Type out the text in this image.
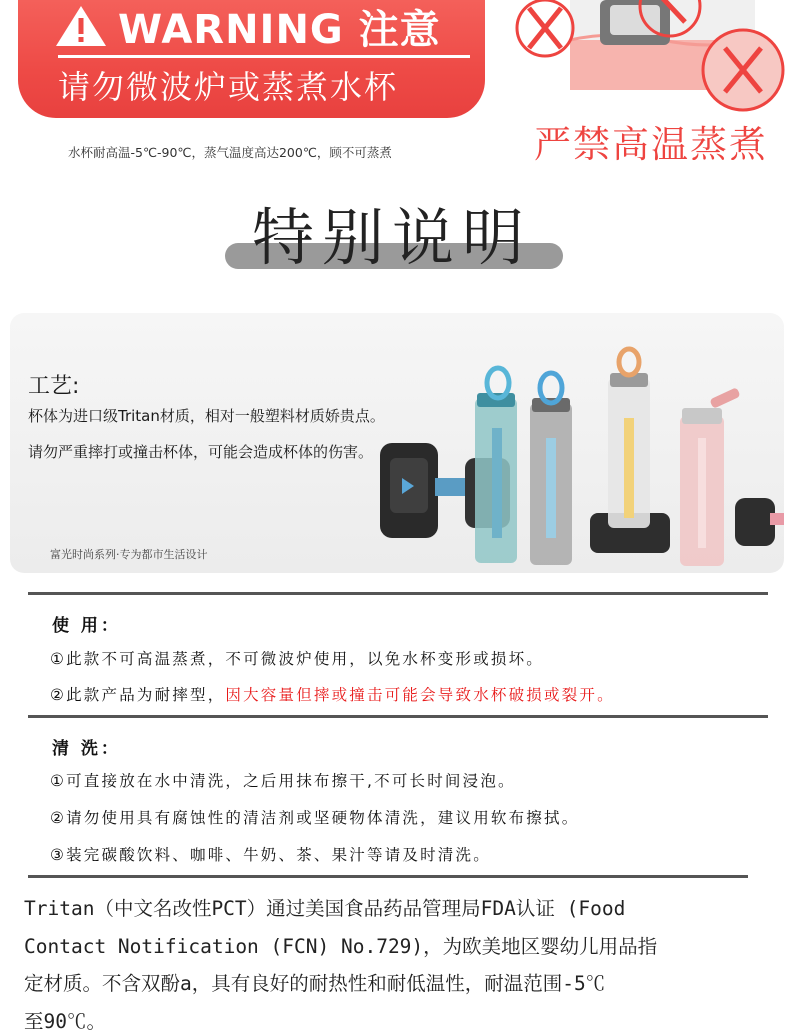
WARNING 注意
请勿微波炉或蒸煮水杯
水杯耐高温-5℃-90℃，蒸气温度高达200℃，顾不可蒸煮	严禁高温蒸煮
特别说明
工艺:
杯体为进口级Tritan材质，相对一般塑料材质娇贵点。
请勿严重摔打或撞击杯体，可能会造成杯体的伤害。
富光时尚系列·专为都市生活设计
使 用：
①此款不可高温蒸煮，不可微波炉使用，以免水杯变形或损坏。
②此款产品为耐摔型，因大容量但摔或撞击可能会导致水杯破损或裂开。
清 洗：
①可直接放在水中清洗，之后用抹布擦干,不可长时间浸泡。
②请勿使用具有腐蚀性的清洁剂或坚硬物体清洗，建议用软布擦拭。
③装完碳酸饮料、咖啡、牛奶、茶、果汁等请及时清洗。
Tritan（中文名改性PCT）通过美国食品药品管理局FDA认证 (Food
Contact Notification (FCN) No.729)，为欧美地区婴幼儿用品指
定材质。不含双酚a，具有良好的耐热性和耐低温性，耐温范围-5℃
至90℃。
